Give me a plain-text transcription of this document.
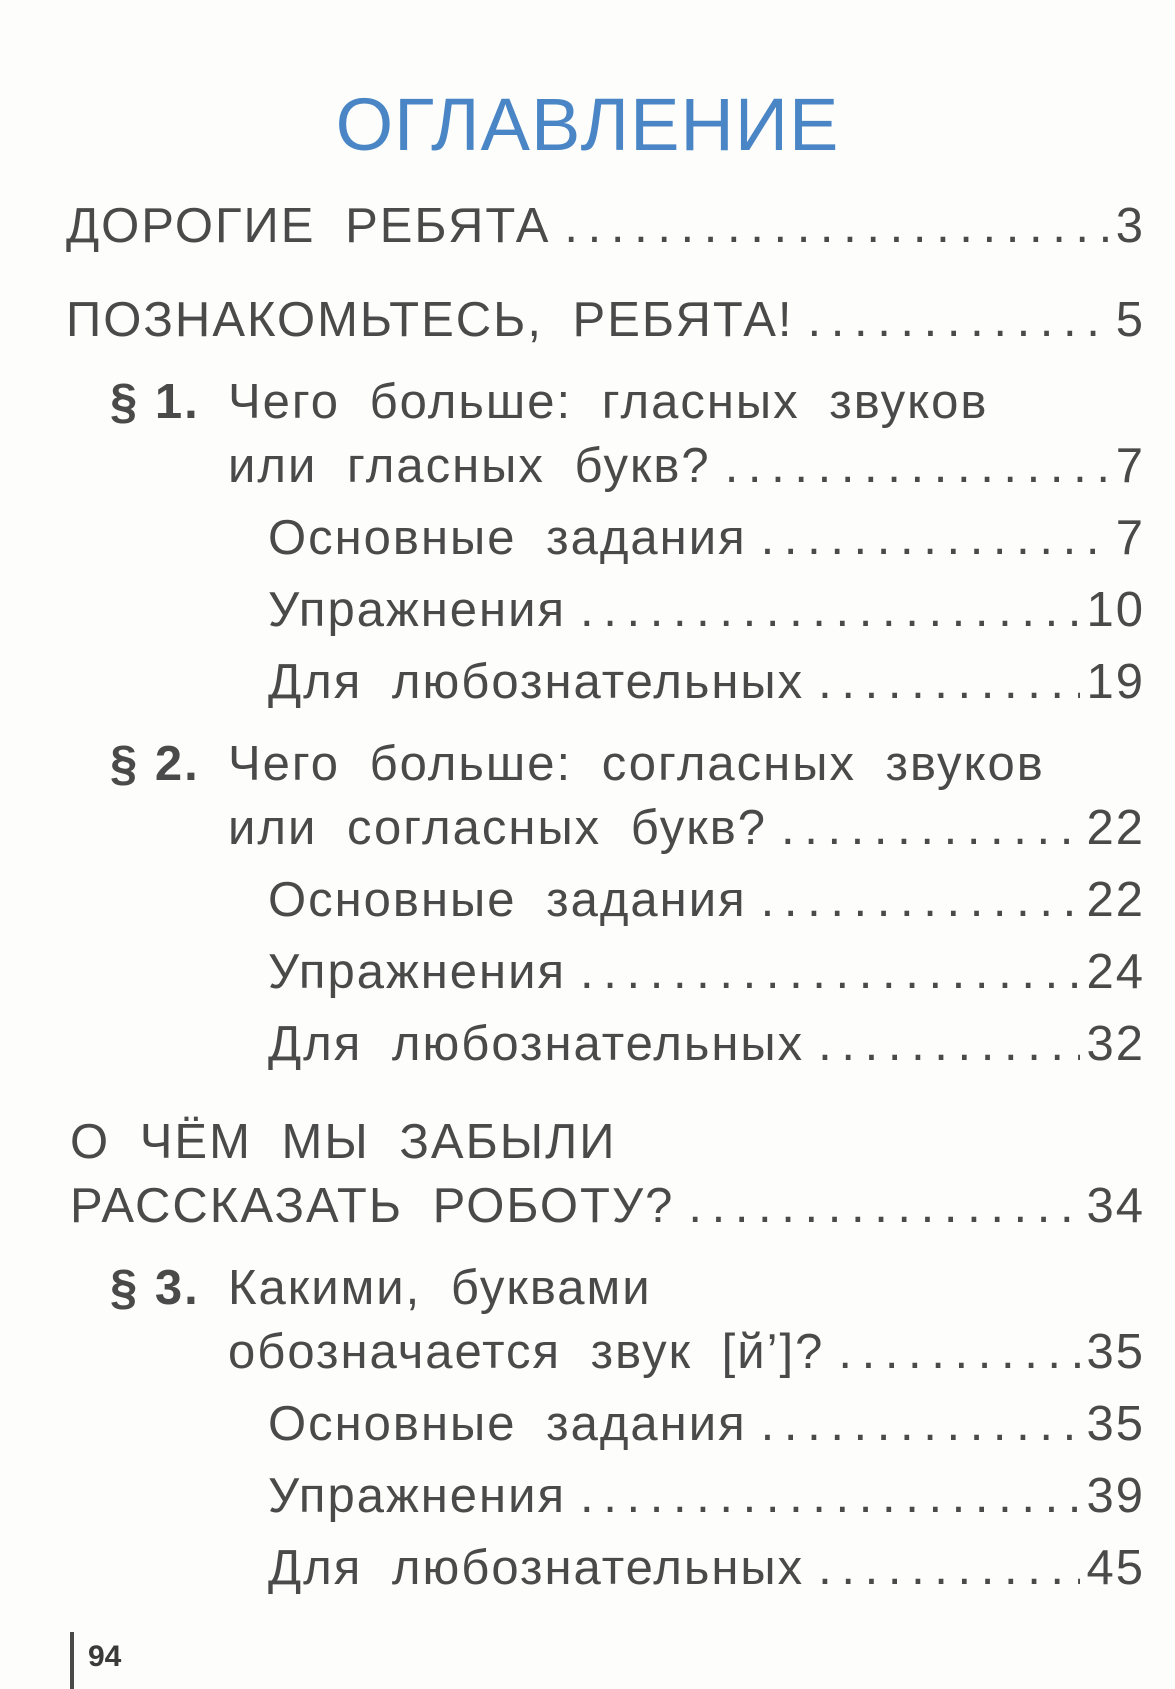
ОГЛАВЛЕНИЕ
ДОРОГИЕ РЕБЯТА . . .	3
ПОЗНАКОМЬТЕСЬ, РЕБЯТА! . . .	5
§ 1. Чего больше: гласных звуков
или гласных букв? . . .	7
Основные задания . . .	7
Упражнения . . .	10
Для любознательных . . .	19
§ 2. Чего больше: согласных звуков
или согласных букв? . . .	22
Основные задания . . .	22
Упражнения . . .	24
Для любознательных . . .	32
О ЧЁМ МЫ ЗАБЫЛИ
РАССКАЗАТЬ РОБОТУ? . . .	34
§ 3. Какими, буквами
обозначается звук [й’]? . . .	35
Основные задания . . .	35
Упражнения . . .	39
Для любознательных . . .	45
94
